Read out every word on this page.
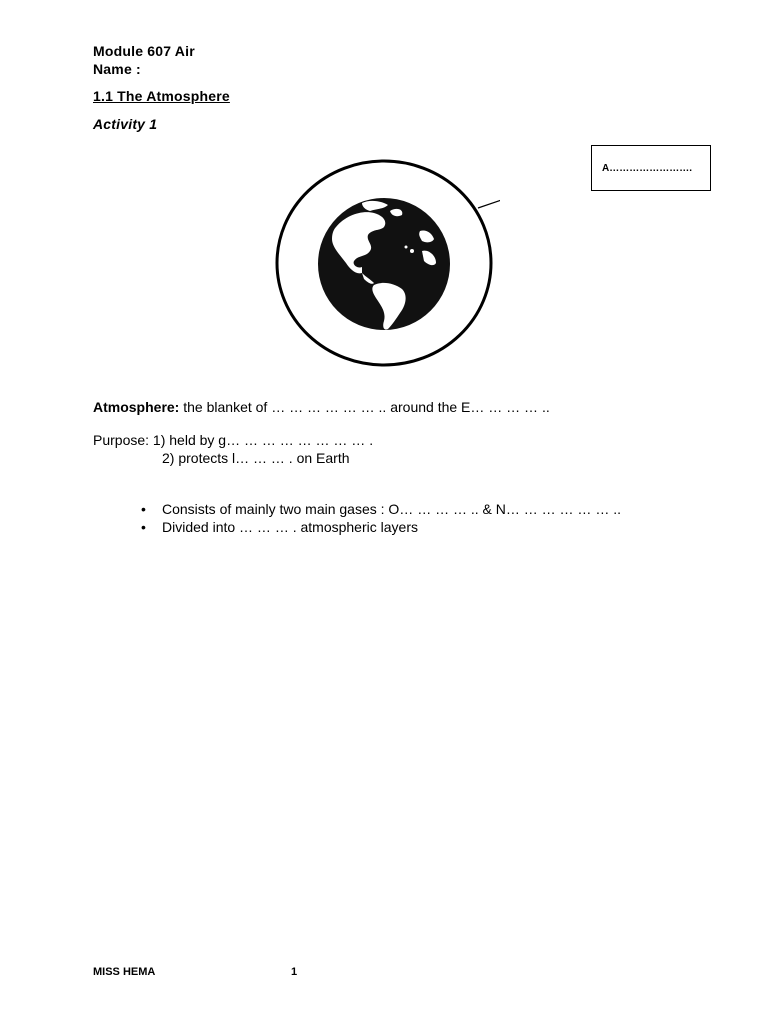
Module 607 Air
Name :
1.1 The Atmosphere
Activity 1
A…………………….
Atmosphere: the blanket of … … … … … … .. around the E… … … … ..
Purpose: 1) held by g… … … … … … … … .
2) protects l… … … . on Earth
• Consists of mainly two main gases : O… … … … .. & N… … … … … … ..
• Divided into … … … . atmospheric layers
MISS HEMA	1
